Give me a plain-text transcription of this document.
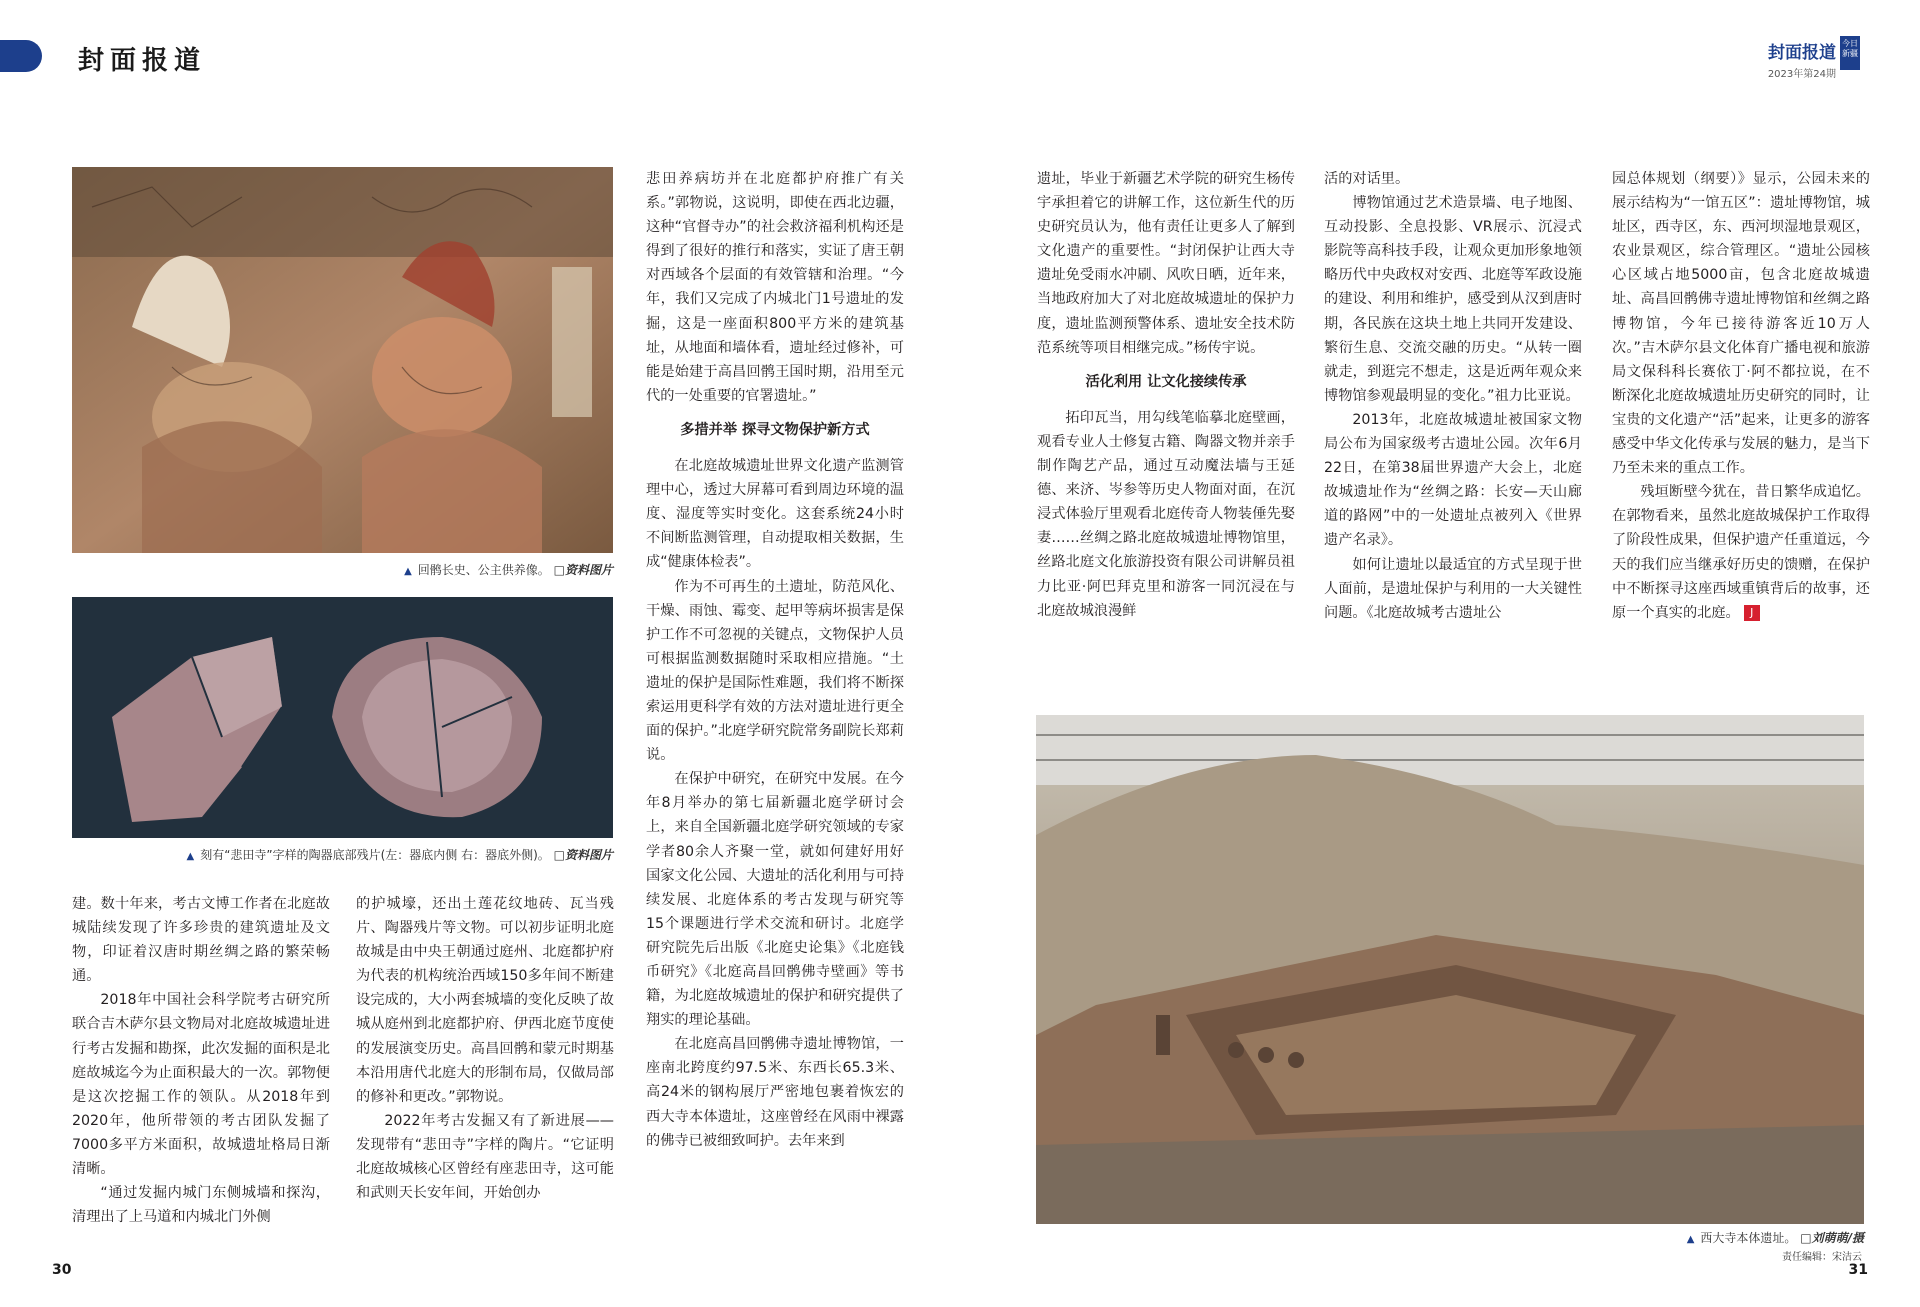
封面报道	封面报道
2023年第24期
今日新疆
▲ 回鹘长史、公主供养像。 □资料图片
▲ 刻有“悲田寺”字样的陶器底部残片(左：器底内侧 右：器底外侧)。 □资料图片

建。数十年来，考古文博工作者在北庭故城陆续发现了许多珍贵的建筑遗址及文物，印证着汉唐时期丝绸之路的繁荣畅通。

2018年中国社会科学院考古研究所联合吉木萨尔县文物局对北庭故城遗址进行考古发掘和勘探，此次发掘的面积是北庭故城迄今为止面积最大的一次。郭物便是这次挖掘工作的领队。从2018年到2020年，他所带领的考古团队发掘了7000多平方米面积，故城遗址格局日渐清晰。

“通过发掘内城门东侧城墙和探沟，清理出了上马道和内城北门外侧

的护城壕，还出土莲花纹地砖、瓦当残片、陶器残片等文物。可以初步证明北庭故城是由中央王朝通过庭州、北庭都护府为代表的机构统治西域150多年间不断建设完成的，大小两套城墙的变化反映了故城从庭州到北庭都护府、伊西北庭节度使的发展演变历史。高昌回鹘和蒙元时期基本沿用唐代北庭大的形制布局，仅做局部的修补和更改。”郭物说。

2022年考古发掘又有了新进展——发现带有“悲田寺”字样的陶片。“它证明北庭故城核心区曾经有座悲田寺，这可能和武则天长安年间，开始创办

悲田养病坊并在北庭都护府推广有关系。”郭物说，这说明，即使在西北边疆，这种“官督寺办”的社会救济福利机构还是得到了很好的推行和落实，实证了唐王朝对西域各个层面的有效管辖和治理。“今年，我们又完成了内城北门1号遗址的发掘，这是一座面积800平方米的建筑基址，从地面和墙体看，遗址经过修补，可能是始建于高昌回鹘王国时期，沿用至元代的一处重要的官署遗址。”

多措并举 探寻文物保护新方式

在北庭故城遗址世界文化遗产监测管理中心，透过大屏幕可看到周边环境的温度、湿度等实时变化。这套系统24小时不间断监测管理，自动提取相关数据，生成“健康体检表”。

作为不可再生的土遗址，防范风化、干燥、雨蚀、霉变、起甲等病坏损害是保护工作不可忽视的关键点，文物保护人员可根据监测数据随时采取相应措施。“土遗址的保护是国际性难题，我们将不断探索运用更科学有效的方法对遗址进行更全面的保护。”北庭学研究院常务副院长郑莉说。

在保护中研究，在研究中发展。在今年8月举办的第七届新疆北庭学研讨会上，来自全国新疆北庭学研究领域的专家学者80余人齐聚一堂，就如何建好用好国家文化公园、大遗址的活化利用与可持续发展、北庭体系的考古发现与研究等15个课题进行学术交流和研讨。北庭学研究院先后出版《北庭史论集》《北庭钱币研究》《北庭高昌回鹘佛寺壁画》等书籍，为北庭故城遗址的保护和研究提供了翔实的理论基础。

在北庭高昌回鹘佛寺遗址博物馆，一座南北跨度约97.5米、东西长65.3米、高24米的钢构展厅严密地包裹着恢宏的西大寺本体遗址，这座曾经在风雨中裸露的佛寺已被细致呵护。去年来到

遗址，毕业于新疆艺术学院的研究生杨传宇承担着它的讲解工作，这位新生代的历史研究员认为，他有责任让更多人了解到文化遗产的重要性。“封闭保护让西大寺遗址免受雨水冲刷、风吹日晒，近年来，当地政府加大了对北庭故城遗址的保护力度，遗址监测预警体系、遗址安全技术防范系统等项目相继完成。”杨传宇说。

活化利用 让文化接续传承

拓印瓦当，用勾线笔临摹北庭壁画，观看专业人士修复古籍、陶器文物并亲手制作陶艺产品，通过互动魔法墙与王延德、来济、岑参等历史人物面对面，在沉浸式体验厅里观看北庭传奇人物装倕先娶妻……丝绸之路北庭故城遗址博物馆里，丝路北庭文化旅游投资有限公司讲解员祖力比亚·阿巴拜克里和游客一同沉浸在与北庭故城浪漫鲜

活的对话里。

博物馆通过艺术造景墙、电子地图、互动投影、全息投影、VR展示、沉浸式影院等高科技手段，让观众更加形象地领略历代中央政权对安西、北庭等军政设施的建设、利用和维护，感受到从汉到唐时期，各民族在这块土地上共同开发建设、繁衍生息、交流交融的历史。“从转一圈就走，到逛完不想走，这是近两年观众来博物馆参观最明显的变化。”祖力比亚说。

2013年，北庭故城遗址被国家文物局公布为国家级考古遗址公园。次年6月22日，在第38届世界遗产大会上，北庭故城遗址作为“丝绸之路：长安—天山廊道的路网”中的一处遗址点被列入《世界遗产名录》。

如何让遗址以最适宜的方式呈现于世人面前，是遗址保护与利用的一大关键性问题。《北庭故城考古遗址公

园总体规划（纲要）》显示，公园未来的展示结构为“一馆五区”：遗址博物馆，城址区，西寺区，东、西河坝湿地景观区，农业景观区，综合管理区。“遗址公园核心区域占地5000亩，包含北庭故城遗址、高昌回鹘佛寺遗址博物馆和丝绸之路博物馆，今年已接待游客近10万人次。”吉木萨尔县文化体育广播电视和旅游局文保科科长赛依丁·阿不都拉说，在不断深化北庭故城遗址历史研究的同时，让宝贵的文化遗产“活”起来，让更多的游客感受中华文化传承与发展的魅力，是当下乃至未来的重点工作。

残垣断壁今犹在，昔日繁华成追忆。在郭物看来，虽然北庭故城保护工作取得了阶段性成果，但保护遗产任重道远，今天的我们应当继承好历史的馈赠，在保护中不断探寻这座西域重镇背后的故事，还原一个真实的北庭。 J

▲ 西大寺本体遗址。 □刘萌萌/摄
责任编辑：宋洁云
30	31
